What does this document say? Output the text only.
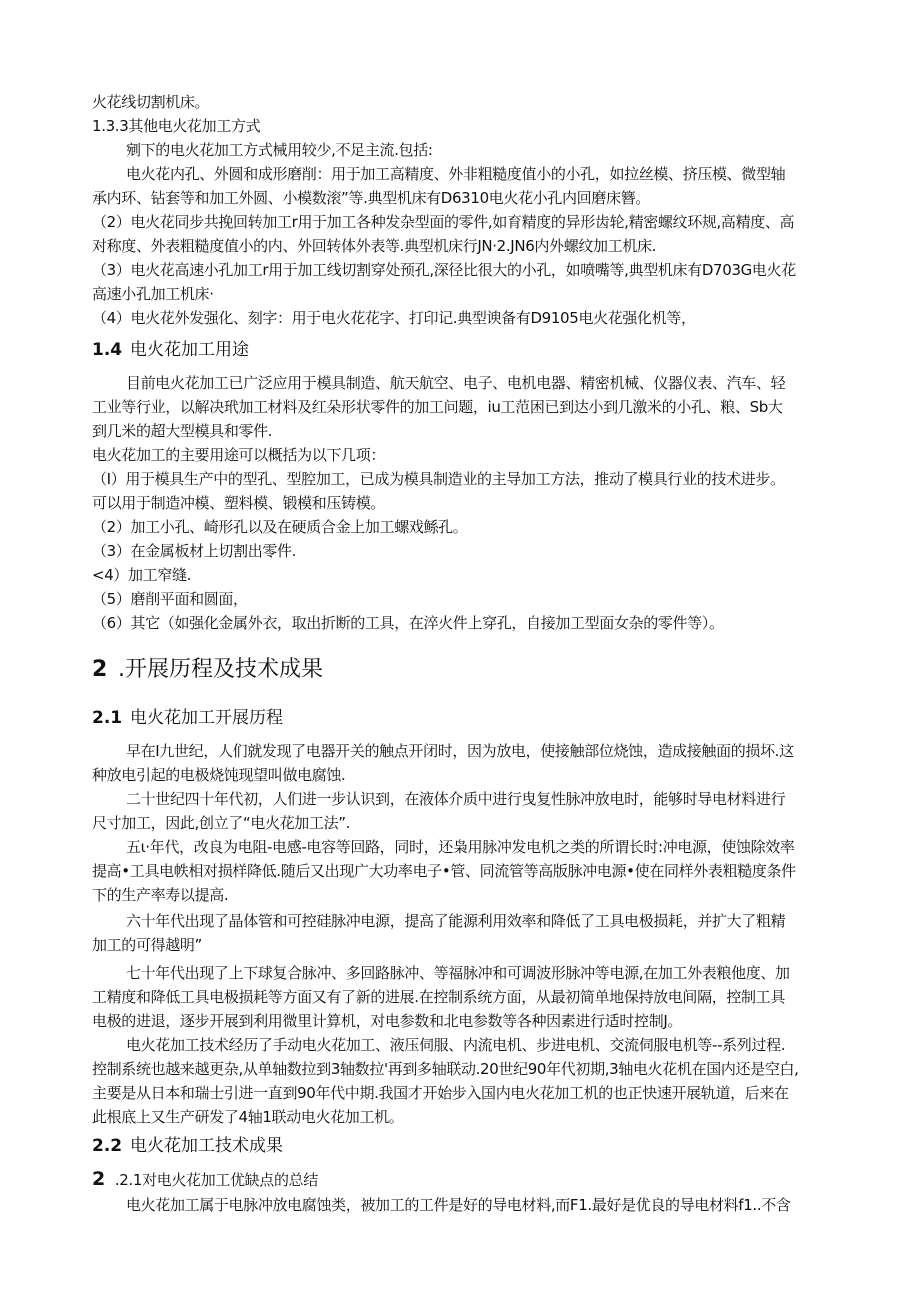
火花线切割机床。
1.3.3其他电火花加工方式
剜下的电火花加工方式械用较少,不足主流.包括:
电火花内孔、外圆和成形磨削：用于加工高精度、外非粗糙度值小的小孔，如拉丝模、挤压模、微型轴
承内环、钻套等和加工外圆、小模数滚”等.典型机床有D6310电火花小孔内回磨床簪。
（2）电火花同步共挽回转加工r用于加工各种发杂型面的零件,如育精度的异形齿轮,精密螺纹环规,高精度、高
对称度、外表粗糙度值小的内、外回转体外表等.典型机床行JN·2.JN6内外螺纹加工机床.
（3）电火花高速小孔加工r用于加工线切割穿处预孔,深径比很大的小孔，如喷嘴等,典型机床有D703G电火花
高速小孔加工机床·
（4）电火花外发强化、刻字：用于电火花花字、打印记.典型谀备有D9105电火花强化机等，
1.4 电火花加工用途
目前电火花加工已广泛应用于模具制造、航天航空、电子、电机电器、精密机械、仪器仪表、汽车、轻
工业等行业，以解决玳加工材料及红朵形状零件的加工问题，iu工范困已到达小到几激米的小孔、粮、Sb大
到几米的超大型模具和零件.
电火花加工的主要用途可以概括为以下几项：
（I）用于模具生产中的型孔、型腔加工，已成为模具制造业的主导加工方法，推动了模具行业的技术进步。
可以用于制造冲模、塑料模、锻模和压铸模。
（2）加工小孔、崎形孔以及在硬质合金上加工螺戏鲧孔。
（3）在金属板材上切割出零件.
<4）加工窄缝.
（5）磨削平面和圆面，
（6）其它（如强化金属外衣，取出折断的工具，在淬火件上穿孔，自接加工型面女杂的零件等）。
2 .开展历程及技术成果
2.1 电火花加工开展历程
早在I九世纪，人们就发现了电器开关的触点开闭时，因为放电，使接触部位烧蚀，造成接触面的损坏.这
种放电引起的电极烧饨现望叫做电腐蚀.
二十世纪四十年代初，人们进一步认识到，在液体介质中进行曳复性脉冲放电时，能够时导电材料进行
尺寸加工，因此,创立了“电火花加工法”.
五ι·年代，改良为电阻-电感-电容等回路，同时，还枭用脉冲发电机之类的所谓长时:冲电源，使蚀除效率
提高•工具电帙相对损样降低.随后又出现广大功率电子•管、同流管等高版脉冲电源•使在同样外表粗糙度条件
下的生产率寿以提高.
六十年代出现了晶体管和可控硅脉冲电源，提高了能源利用效率和降低了工具电极损耗，并扩大了粗精
加工的可得越明”
七十年代出现了上下球复合脉冲、多回路脉冲、等福脉冲和可调波形脉冲等电源,在加工外表粮他度、加
工精度和降低工具电极损耗等方面又有了新的进展.在控制系统方面，从最初简单地保持放电间隔，控制工具
电极的进退，逐步开展到利用微里计算机，对电参数和北电参数等各种因素进行适时控制J。
电火花加工技术经历了手动电火花加工、液压伺服、内流电机、步进电机、交流伺服电机等--系列过程.
控制系统也越来越更杂,从单轴数拉到3轴数拉'再到多轴联动.20世纪90年代初期,3轴电火花机在国内还是空白,
主要是从日本和瑞士引进一直到90年代中期.我国才开始步入国内电火花加工机的也正快速开展轨道，后来在
此根底上又生产研发了4轴1联动电火花加工机。
2.2 电火花加工技术成果
2 .2.1对电火花加工优缺点的总结
电火花加工属于电脉冲放电腐蚀类，被加工的工件是好的导电材料,而F1.最好是优良的导电材料f1..不含
